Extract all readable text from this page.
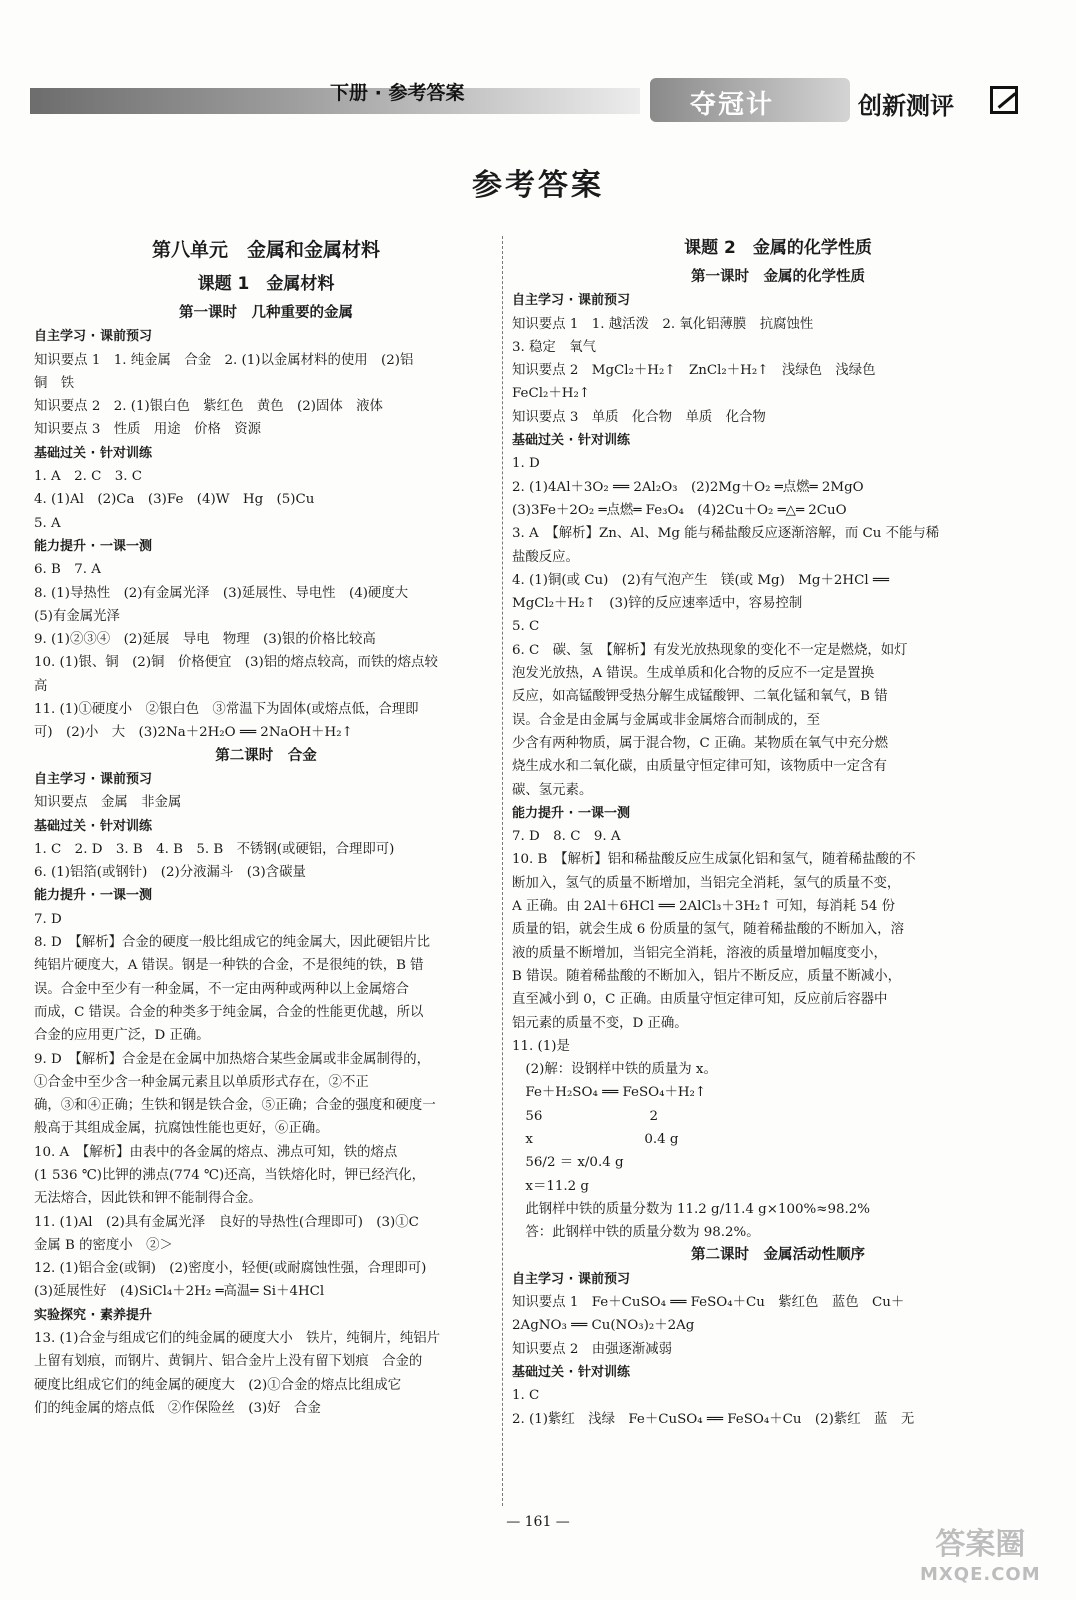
下册 · 参考答案	夺冠计	创新测评
参考答案
第八单元　金属和金属材料
课题 1　金属材料
第一课时　几种重要的金属
自主学习 · 课前预习
知识要点 1　1. 纯金属　合金　2. (1)以金属材料的使用　(2)铝
铜　铁
知识要点 2　2. (1)银白色　紫红色　黄色　(2)固体　液体
知识要点 3　性质　用途　价格　资源
基础过关 · 针对训练
1. A　2. C　3. C
4. (1)Al　(2)Ca　(3)Fe　(4)W　Hg　(5)Cu
5. A
能力提升 · 一课一测
6. B　7. A
8. (1)导热性　(2)有金属光泽　(3)延展性、导电性　(4)硬度大
(5)有金属光泽
9. (1)②③④　(2)延展　导电　物理　(3)银的价格比较高
10. (1)银、铜　(2)铜　价格便宜　(3)铝的熔点较高，而铁的熔点较
高
11. (1)①硬度小　②银白色　③常温下为固体(或熔点低，合理即
可)　(2)小　大　(3)2Na＋2H₂O ══ 2NaOH＋H₂↑
第二课时　合金
自主学习 · 课前预习
知识要点　金属　非金属
基础过关 · 针对训练
1. C　2. D　3. B　4. B　5. B　不锈钢(或硬铝，合理即可)
6. (1)铝箔(或钢针)　(2)分液漏斗　(3)含碳量
能力提升 · 一课一测
7. D
8. D　【解析】合金的硬度一般比组成它的纯金属大，因此硬铝片比
纯铝片硬度大，A 错误。钢是一种铁的合金，不是很纯的铁，B 错
误。合金中至少有一种金属，不一定由两种或两种以上金属熔合
而成，C 错误。合金的种类多于纯金属，合金的性能更优越，所以
合金的应用更广泛，D 正确。
9. D　【解析】合金是在金属中加热熔合某些金属或非金属制得的，
①合金中至少含一种金属元素且以单质形式存在，②不正
确，③和④正确；生铁和钢是铁合金，⑤正确；合金的强度和硬度一
般高于其组成金属，抗腐蚀性能也更好，⑥正确。
10. A　【解析】由表中的各金属的熔点、沸点可知，铁的熔点
(1 536 ℃)比钾的沸点(774 ℃)还高，当铁熔化时，钾已经汽化，
无法熔合，因此铁和钾不能制得合金。
11. (1)Al　(2)具有金属光泽　良好的导热性(合理即可)　(3)①C
金属 B 的密度小　②＞
12. (1)铝合金(或铜)　(2)密度小，轻便(或耐腐蚀性强，合理即可)
(3)延展性好　(4)SiCl₄＋2H₂ ═高温═ Si＋4HCl
实验探究 · 素养提升
13. (1)合金与组成它们的纯金属的硬度大小　铁片，纯铜片，纯铝片
上留有划痕，而钢片、黄铜片、铝合金片上没有留下划痕　合金的
硬度比组成它们的纯金属的硬度大　(2)①合金的熔点比组成它
们的纯金属的熔点低　②作保险丝　(3)好　合金
课题 2　金属的化学性质
第一课时　金属的化学性质
自主学习 · 课前预习
知识要点 1　1. 越活泼　2. 氧化铝薄膜　抗腐蚀性
3. 稳定　氧气
知识要点 2　MgCl₂＋H₂↑　ZnCl₂＋H₂↑　浅绿色　浅绿色
FeCl₂＋H₂↑
知识要点 3　单质　化合物　单质　化合物
基础过关 · 针对训练
1. D
2. (1)4Al＋3O₂ ══ 2Al₂O₃　(2)2Mg＋O₂ ═点燃═ 2MgO
(3)3Fe＋2O₂ ═点燃═ Fe₃O₄　(4)2Cu＋O₂ ═△═ 2CuO
3. A　【解析】Zn、Al、Mg 能与稀盐酸反应逐渐溶解，而 Cu 不能与稀
盐酸反应。
4. (1)铜(或 Cu)　(2)有气泡产生　镁(或 Mg)　Mg＋2HCl ══
MgCl₂＋H₂↑　(3)锌的反应速率适中，容易控制
5. C
6. C　碳、氢　【解析】有发光放热现象的变化不一定是燃烧，如灯
泡发光放热，A 错误。生成单质和化合物的反应不一定是置换
反应，如高锰酸钾受热分解生成锰酸钾、二氧化锰和氧气，B 错
误。合金是由金属与金属或非金属熔合而制成的，至
少含有两种物质，属于混合物，C 正确。某物质在氧气中充分燃
烧生成水和二氧化碳，由质量守恒定律可知，该物质中一定含有
碳、氢元素。
能力提升 · 一课一测
7. D　8. C　9. A
10. B　【解析】铝和稀盐酸反应生成氯化铝和氢气，随着稀盐酸的不
断加入，氢气的质量不断增加，当铝完全消耗，氢气的质量不变，
A 正确。由 2Al＋6HCl ══ 2AlCl₃＋3H₂↑ 可知，每消耗 54 份
质量的铝，就会生成 6 份质量的氢气，随着稀盐酸的不断加入，溶
液的质量不断增加，当铝完全消耗，溶液的质量增加幅度变小，
B 错误。随着稀盐酸的不断加入，铝片不断反应，质量不断减小，
直至减小到 0，C 正确。由质量守恒定律可知，反应前后容器中
铝元素的质量不变，D 正确。
11. (1)是
　(2)解：设钢样中铁的质量为 x。
　Fe＋H₂SO₄ ══ FeSO₄＋H₂↑
　56　　　　　　　　2
　x　　　　　　　　 0.4 g
　56/2 ＝ x/0.4 g
　x＝11.2 g
　此钢样中铁的质量分数为 11.2 g/11.4 g×100%≈98.2%
　答：此钢样中铁的质量分数为 98.2%。
第二课时　金属活动性顺序
自主学习 · 课前预习
知识要点 1　Fe＋CuSO₄ ══ FeSO₄＋Cu　紫红色　蓝色　Cu＋
2AgNO₃ ══ Cu(NO₃)₂＋2Ag
知识要点 2　由强逐渐减弱
基础过关 · 针对训练
1. C
2. (1)紫红　浅绿　Fe＋CuSO₄ ══ FeSO₄＋Cu　(2)紫红　蓝　无
— 161 —
答案圈
MXQE.COM
